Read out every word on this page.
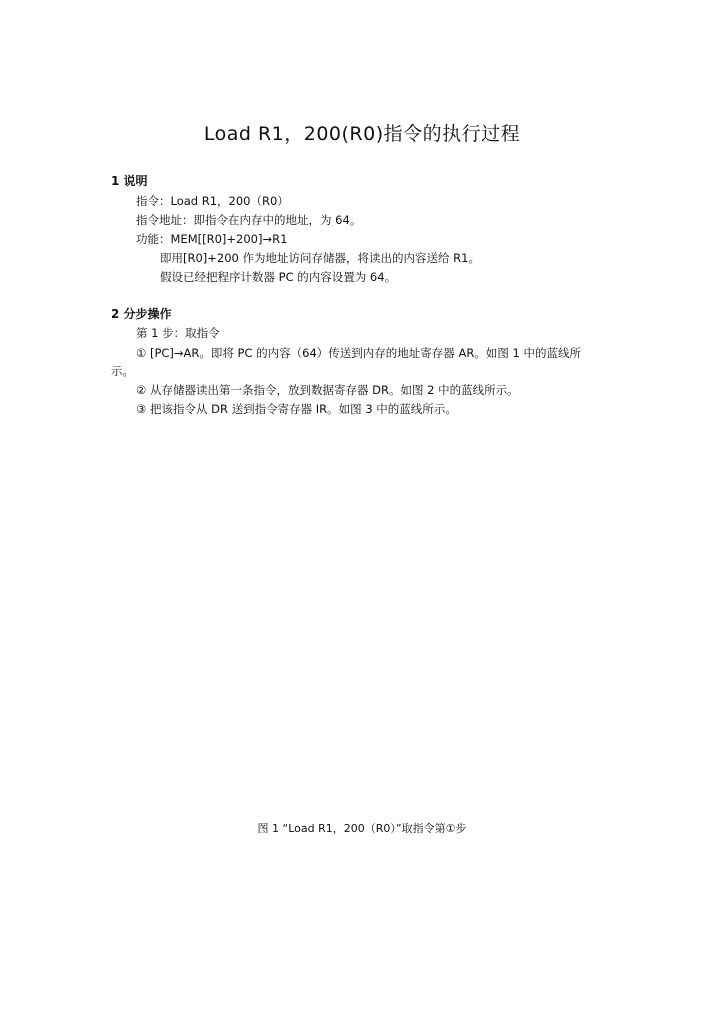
Load R1，200(R0)指令的执行过程
1 说明
指令：Load R1，200（R0）
指令地址：即指令在内存中的地址，为 64。
功能：MEM[[R0]+200]→R1
即用[R0]+200 作为地址访问存储器，将读出的内容送给 R1。
假设已经把程序计数器 PC 的内容设置为 64。
2 分步操作
第 1 步：取指令
① [PC]→AR。即将 PC 的内容（64）传送到内存的地址寄存器 AR。如图 1 中的蓝线所
示。
② 从存储器读出第一条指令，放到数据寄存器 DR。如图 2 中的蓝线所示。
③ 把该指令从 DR 送到指令寄存器 IR。如图 3 中的蓝线所示。
图 1 “Load R1，200（R0）”取指令第①步
